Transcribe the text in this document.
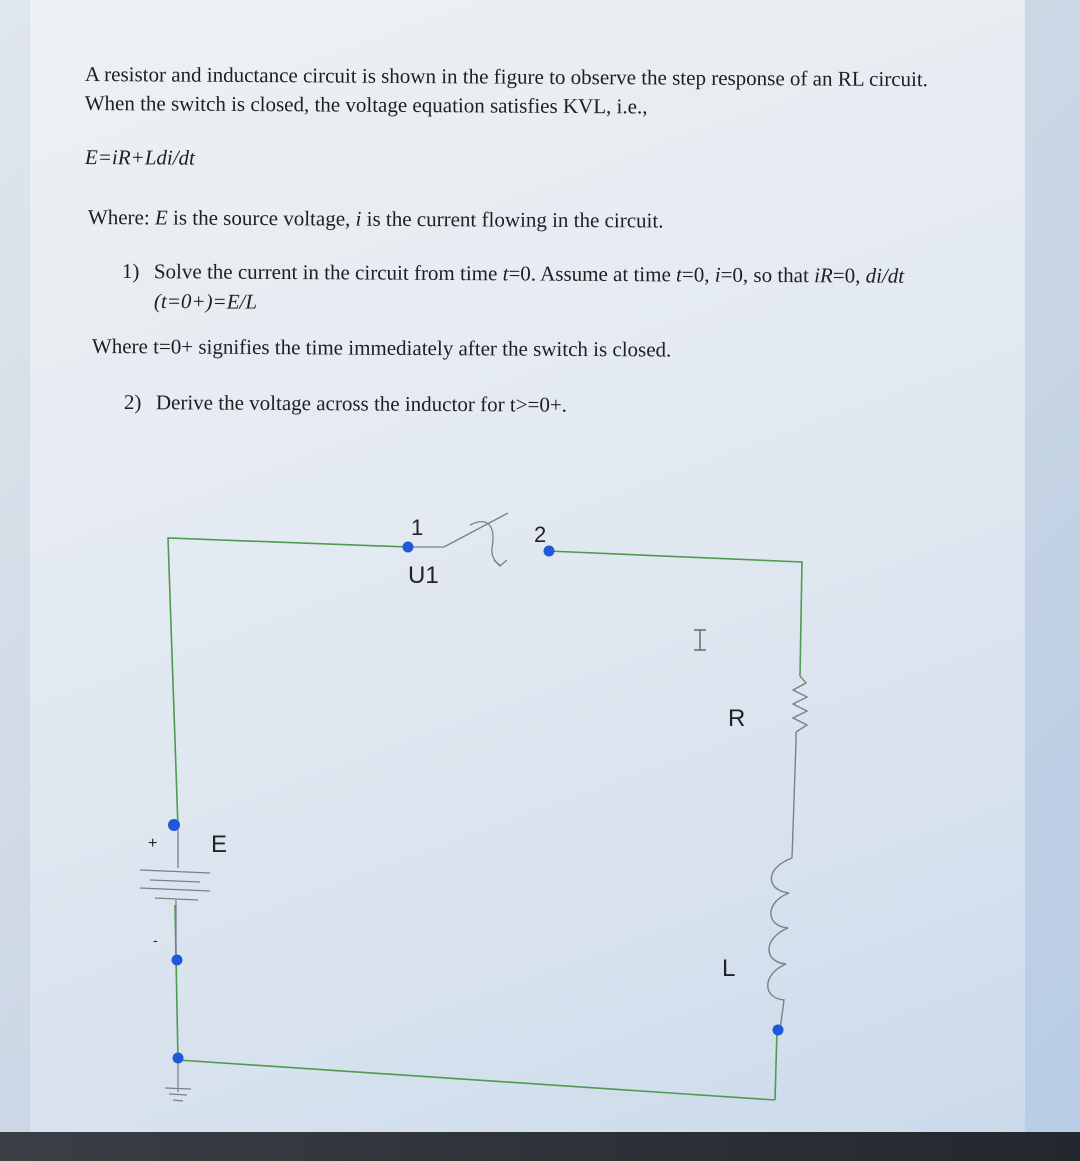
A resistor and inductance circuit is shown in the figure to observe the step response of an RL circuit.
When the switch is closed, the voltage equation satisfies KVL, i.e.,

E=iR+Ldi/dt

Where: E is the source voltage, i is the current flowing in the circuit.

1) Solve the current in the circuit from time t=0. Assume at time t=0, i=0, so that iR=0, di/dt

(t=0+)=E/L

Where t=0+ signifies the time immediately after the switch is closed.

2) Derive the voltage across the inductor for t>=0+.

1	2
U1
R
L
E
+
-
